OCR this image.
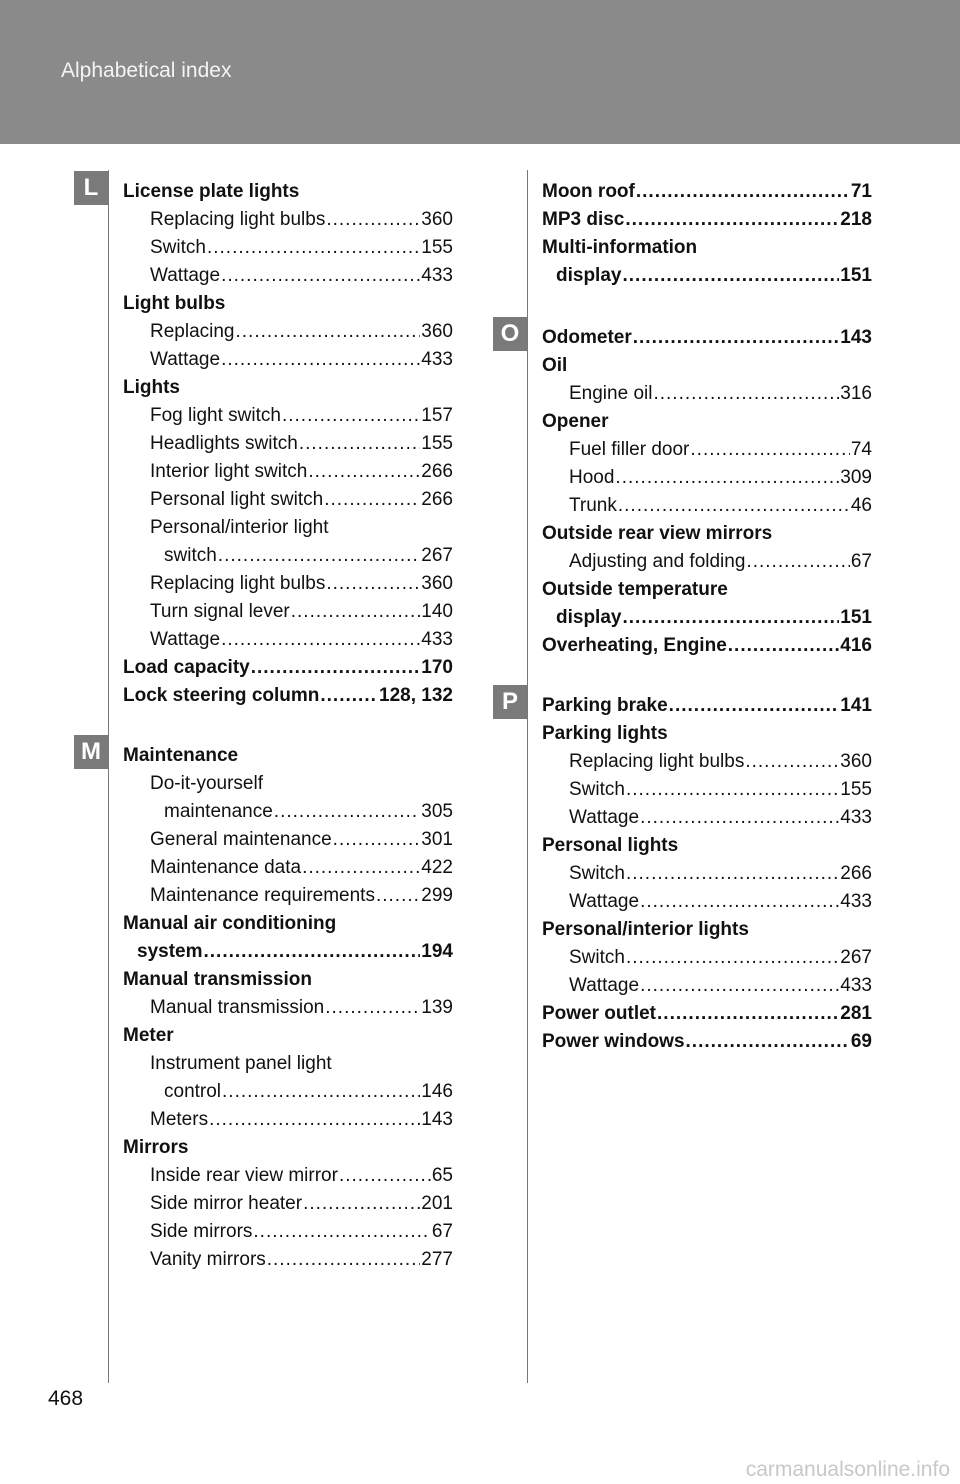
Alphabetical index
L
M
O
P
License plate lights
Replacing light bulbs .....	360
Switch .....	155
Wattage .....	433
Light bulbs
Replacing .....	360
Wattage .....	433
Lights
Fog light switch .....	157
Headlights switch .....	155
Interior light switch .....	266
Personal light switch .....	266
Personal/interior light
switch .....	267
Replacing light bulbs .....	360
Turn signal lever .....	140
Wattage .....	433
Load capacity .....	170
Lock steering column .....	128, 132
Maintenance
Do-it-yourself
maintenance .....	305
General maintenance .....	301
Maintenance data .....	422
Maintenance requirements ..... 299
Manual air conditioning
system .....	194
Manual transmission
Manual transmission .....	139
Meter
Instrument panel light
control .....	146
Meters .....	143
Mirrors
Inside rear view mirror .....	65
Side mirror heater .....	201
Side mirrors .....	67
Vanity mirrors .....	277
Moon roof .....	71
MP3 disc .....	218
Multi-information
display .....	151
Odometer .....	143
Oil
Engine oil .....	316
Opener
Fuel filler door .....	74
Hood .....	309
Trunk .....	46
Outside rear view mirrors
Adjusting and folding .....	67
Outside temperature
display .....	151
Overheating, Engine .....	416
Parking brake .....	141
Parking lights
Replacing light bulbs .....	360
Switch .....	155
Wattage .....	433
Personal lights
Switch .....	266
Wattage .....	433
Personal/interior lights
Switch .....	267
Wattage .....	433
Power outlet .....	281
Power windows .....	69
468
carmanualsonline.info
